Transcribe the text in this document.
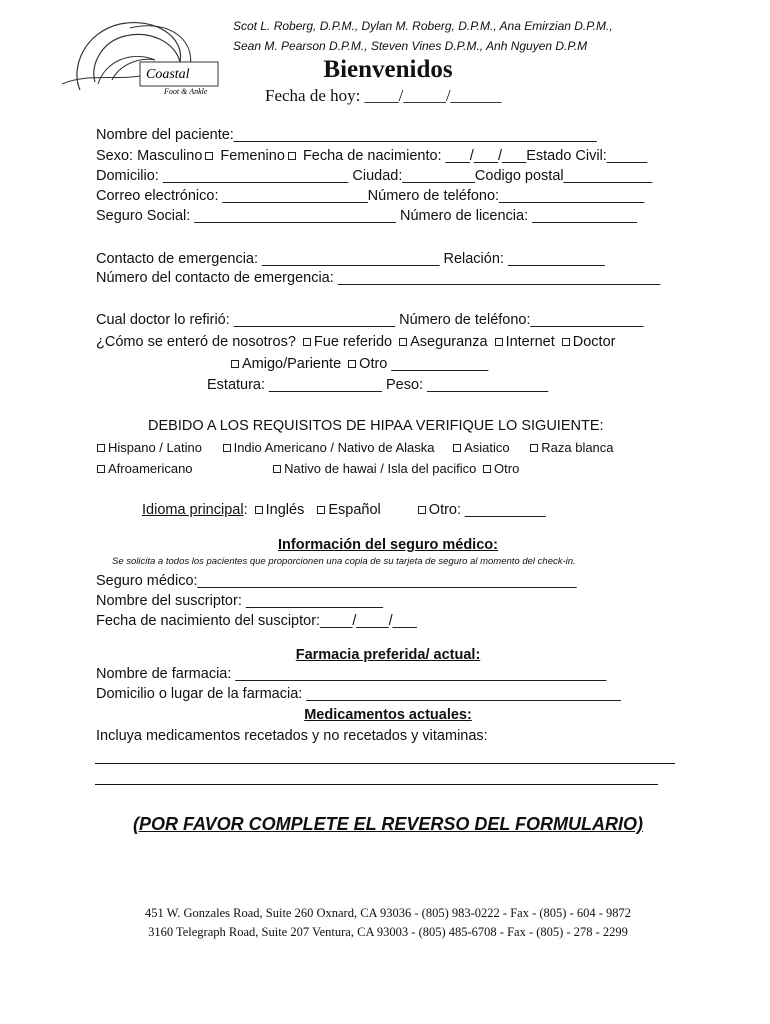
Coastal
Foot & Ankle
Scot L. Roberg, D.P.M., Dylan M. Roberg, D.P.M., Ana Emirzian D.P.M.,
Sean M. Pearson D.P.M., Steven Vines D.P.M., Anh Nguyen D.P.M
Bienvenidos
Fecha de hoy: ____/_____/______
Nombre del paciente:_____________________________________________
Sexo: Masculino Femenino Fecha de nacimiento: ___/___/___Estado Civil:_____
Domicilio: _______________________ Ciudad:_________Codigo postal___________
Correo electrónico: __________________Número de teléfono:__________________
Seguro Social: _________________________ Número de licencia: _____________
Contacto de emergencia: ______________________ Relación: ____________
Número del contacto de emergencia: ________________________________________
Cual doctor lo refirió: ____________________ Número de teléfono:______________
¿Cómo se enteró de nosotros? Fue referido Aseguranza Internet Doctor
Amigo/Pariente Otro ____________
Estatura: ______________ Peso: _______________
DEBIDO A LOS REQUISITOS DE HIPAA VERIFIQUE LO SIGUIENTE:
Hispano / Latino Indio Americano / Nativo de Alaska Asiatico Raza blanca
Afroamericano	Nativo de hawai / Isla del pacifico Otro
Idioma principal: Inglés Español	Otro: __________
Información del seguro médico:
Se solicita a todos los pacientes que proporcionen una copia de su tarjeta de seguro al momento del check-in.
Seguro médico:_______________________________________________
Nombre del suscriptor: _________________
Fecha de nacimiento del susciptor:____/____/___
Farmacia preferida/ actual:
Nombre de farmacia: ______________________________________________
Domicilio o lugar de la farmacia: _______________________________________
Medicamentos actuales:
Incluya medicamentos recetados y no recetados y vitaminas:
(POR FAVOR COMPLETE EL REVERSO DEL FORMULARIO)
451 W. Gonzales Road, Suite 260 Oxnard, CA 93036 - (805) 983-0222 - Fax - (805) - 604 - 9872
3160 Telegraph Road, Suite 207 Ventura, CA 93003 - (805) 485-6708 - Fax - (805) - 278 - 2299
